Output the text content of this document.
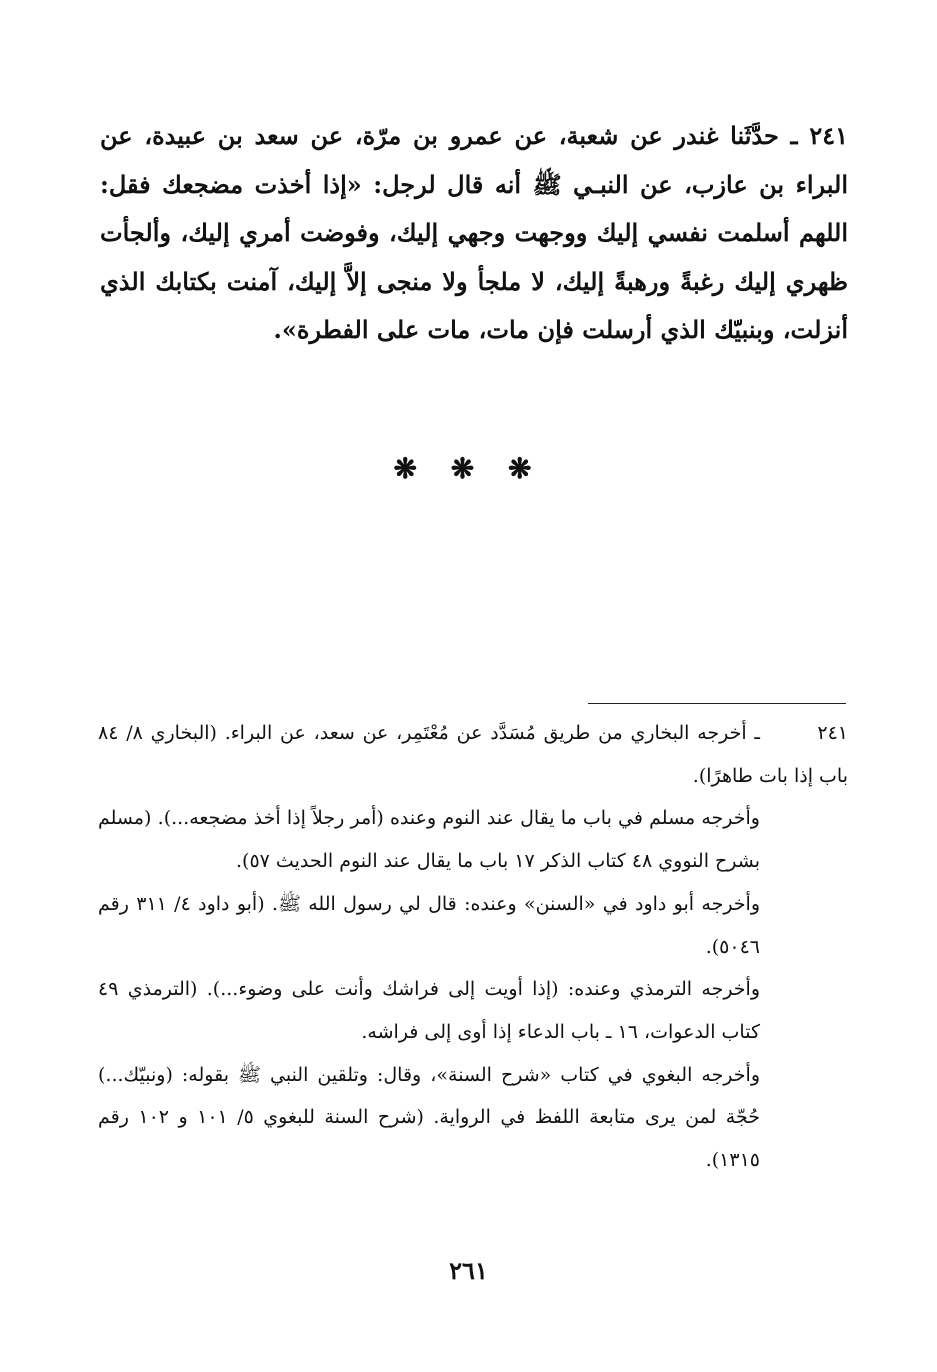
٢٤١ ـ حدَّثَنا غندر عن شعبة، عن عمرو بن مرّة، عن سعد بن عبيدة، عن البراء بن عازب، عن النبـي ﷺ أنه قال لرجل: «إذا أخذت مضجعك فقل: اللهم أسلمت نفسي إليك ووجهت وجهي إليك، وفوضت أمري إليك، وألجأت ظهري إليك رغبةً ورهبةً إليك، لا ملجأ ولا منجى إلاَّ إليك، آمنت بكتابك الذي أنزلت، وبنبيّك الذي أرسلت فإن مات، مات على الفطرة».
❋ ❋ ❋

٢٤١ـ أخرجه البخاري من طريق مُسَدَّد عن مُعْتَمِر، عن سعد، عن البراء. (البخاري ٨/ ٨٤ باب إذا بات طاهرًا).

وأخرجه مسلم في باب ما يقال عند النوم وعنده (أمر رجلاً إذا أخذ مضجعه...). (مسلم بشرح النووي ٤٨ كتاب الذكر ١٧ باب ما يقال عند النوم الحديث ٥٧).

وأخرجه أبو داود في «السنن» وعنده: قال لي رسول الله ﷺ. (أبو داود ٤/ ٣١١ رقم ٥٠٤٦).

وأخرجه الترمذي وعنده: (إذا أويت إلى فراشك وأنت على وضوء...). (الترمذي ٤٩ كتاب الدعوات، ١٦ ـ باب الدعاء إذا أوى إلى فراشه.

وأخرجه البغوي في كتاب «شرح السنة»، وقال: وتلقين النبي ﷺ بقوله: (ونبيّك...) حُجّة لمن يرى متابعة اللفظ في الرواية. (شرح السنة للبغوي ٥/ ١٠١ و ١٠٢ رقم ١٣١٥).

٢٦١
